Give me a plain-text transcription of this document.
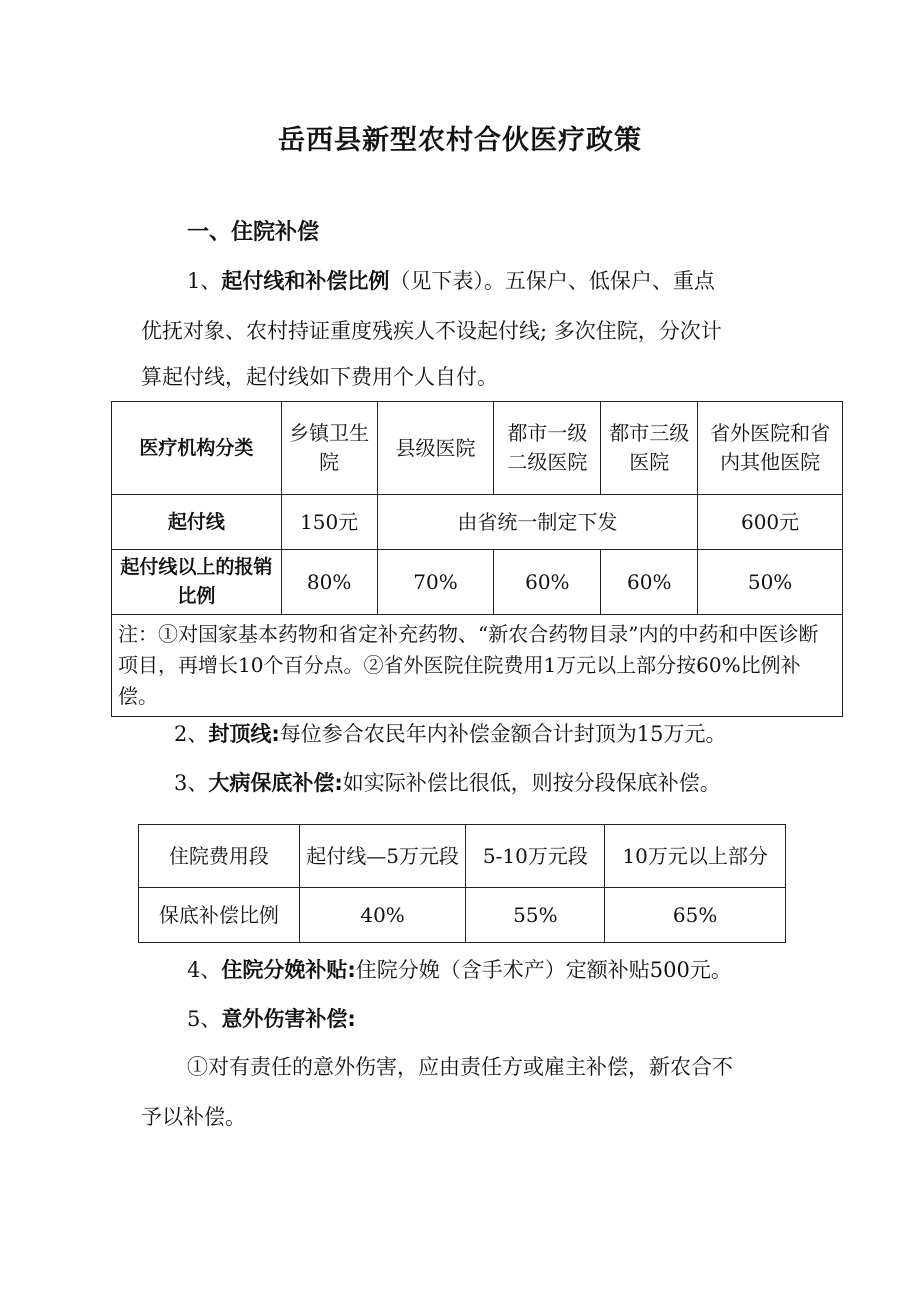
岳西县新型农村合伙医疗政策
一、住院补偿
1、起付线和补偿比例（见下表）。五保户、低保户、重点
优抚对象、农村持证重度残疾人不设起付线; 多次住院，分次计
算起付线，起付线如下费用个人自付。
医疗机构分类	乡镇卫生院	县级医院	都市一级二级医院	都市三级医院	省外医院和省内其他医院
起付线	150元	由省统一制定下发			600元
起付线以上的报销比例	80%	70%	60%	60%	50%
注：①对国家基本药物和省定补充药物、“新农合药物目录”内的中药和中医诊断项目，再增长10个百分点。②省外医院住院费用1万元以上部分按60%比例补偿。					
2、封顶线:每位参合农民年内补偿金额合计封顶为15万元。
3、大病保底补偿:如实际补偿比很低，则按分段保底补偿。
住院费用段	起付线—5万元段	5-10万元段	10万元以上部分
保底补偿比例	40%	55%	65%
4、住院分娩补贴:住院分娩（含手术产）定额补贴500元。
5、意外伤害补偿:
①对有责任的意外伤害，应由责任方或雇主补偿，新农合不
予以补偿。
